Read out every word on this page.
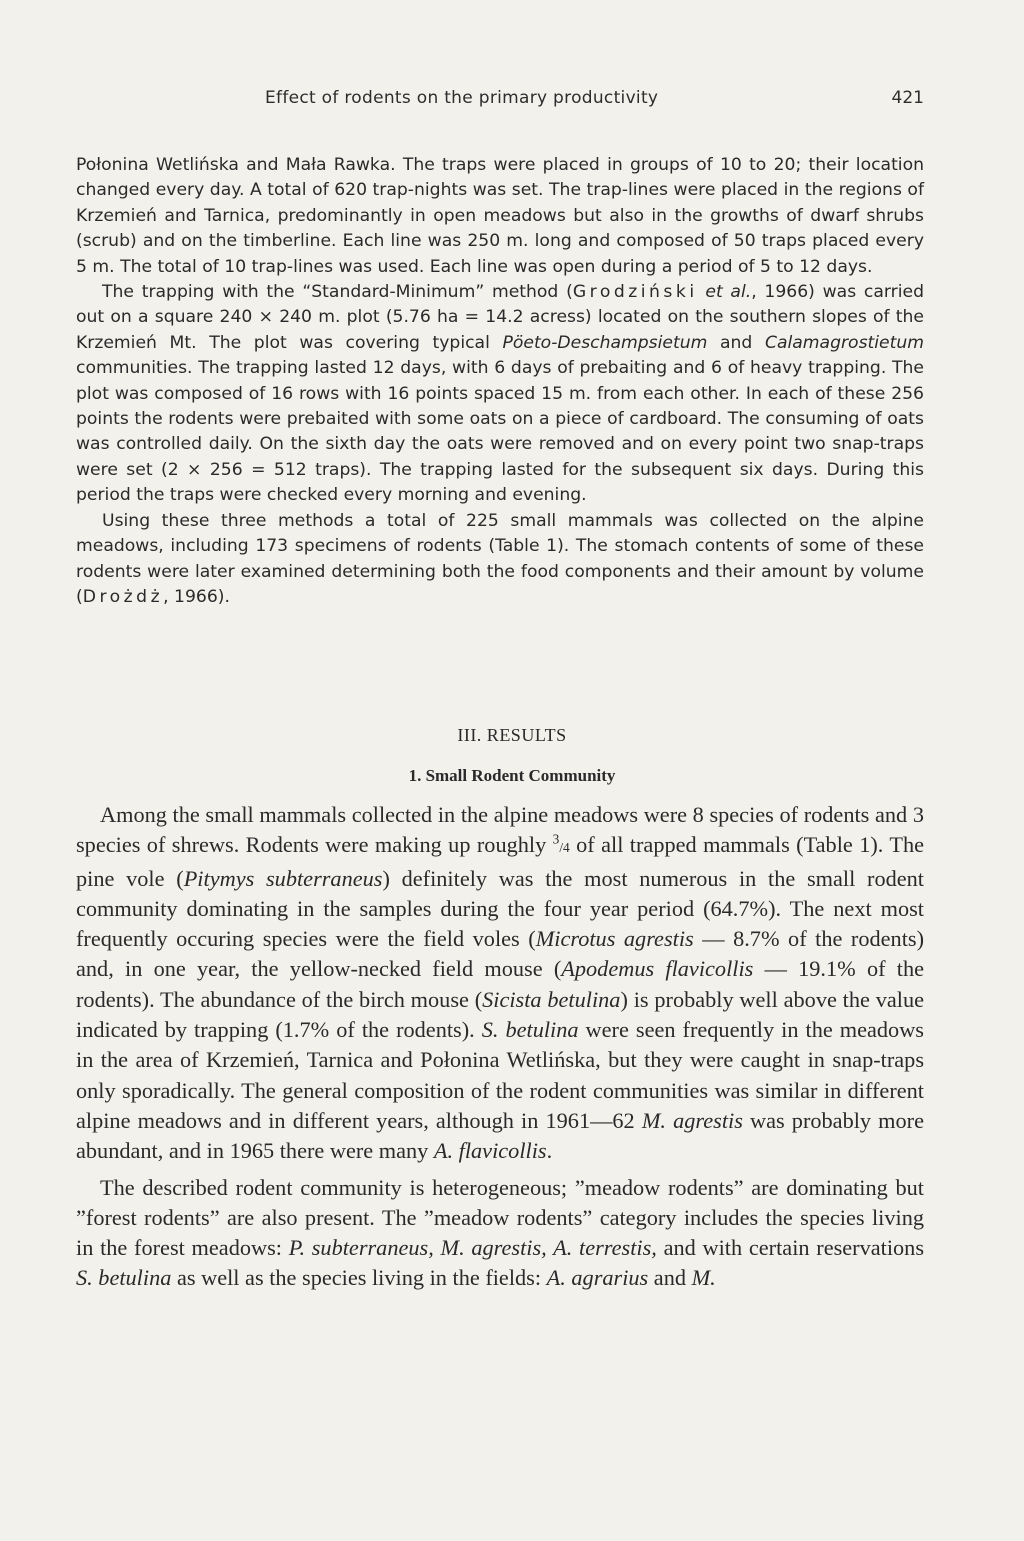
Effect of rodents on the primary productivity	421

Połonina Wetlińska and Mała Rawka. The traps were placed in groups of 10 to 20; their location changed every day. A total of 620 trap-nights was set. The trap-lines were placed in the regions of Krzemień and Tarnica, predominantly in open meadows but also in the growths of dwarf shrubs (scrub) and on the timberline. Each line was 250 m. long and composed of 50 traps placed every 5 m. The total of 10 trap-lines was used. Each line was open during a period of 5 to 12 days.

The trapping with the “Standard-Minimum” method (Grodziński et al., 1966) was carried out on a square 240 × 240 m. plot (5.76 ha = 14.2 acress) located on the southern slopes of the Krzemień Mt. The plot was covering typical Pöeto-Deschampsietum and Calamagrostietum communities. The trapping lasted 12 days, with 6 days of prebaiting and 6 of heavy trapping. The plot was composed of 16 rows with 16 points spaced 15 m. from each other. In each of these 256 points the rodents were prebaited with some oats on a piece of cardboard. The consuming of oats was controlled daily. On the sixth day the oats were removed and on every point two snap-traps were set (2 × 256 = 512 traps). The trapping lasted for the subsequent six days. During this period the traps were checked every morning and evening.

Using these three methods a total of 225 small mammals was collected on the alpine meadows, including 173 specimens of rodents (Table 1). The stomach contents of some of these rodents were later examined determining both the food components and their amount by volume (Drożdż, 1966).

III. RESULTS
1. Small Rodent Community

Among the small mammals collected in the alpine meadows were 8 species of rodents and 3 species of shrews. Rodents were making up roughly $^3$/4 of all trapped mammals (Table 1). The pine vole (Pitymys subterraneus) definitely was the most numerous in the small rodent community dominating in the samples during the four year period (64.7%). The next most frequently occuring species were the field voles (Microtus agrestis — 8.7% of the rodents) and, in one year, the yellow-necked field mouse (Apodemus flavicollis — 19.1% of the rodents). The abundance of the birch mouse (Sicista betulina) is probably well above the value indicated by trapping (1.7% of the rodents). S. betulina were seen frequently in the meadows in the area of Krzemień, Tarnica and Połonina Wetlińska, but they were caught in snap-traps only sporadically. The general composition of the rodent communities was similar in different alpine meadows and in different years, although in 1961—62 M. agrestis was probably more abundant, and in 1965 there were many A. flavicollis.

The described rodent community is heterogeneous; ”meadow rodents” are dominating but ”forest rodents” are also present. The ”meadow rodents” category includes the species living in the forest meadows: P. subterraneus, M. agrestis, A. terrestis, and with certain reservations S. betulina as well as the species living in the fields: A. agrarius and M.
